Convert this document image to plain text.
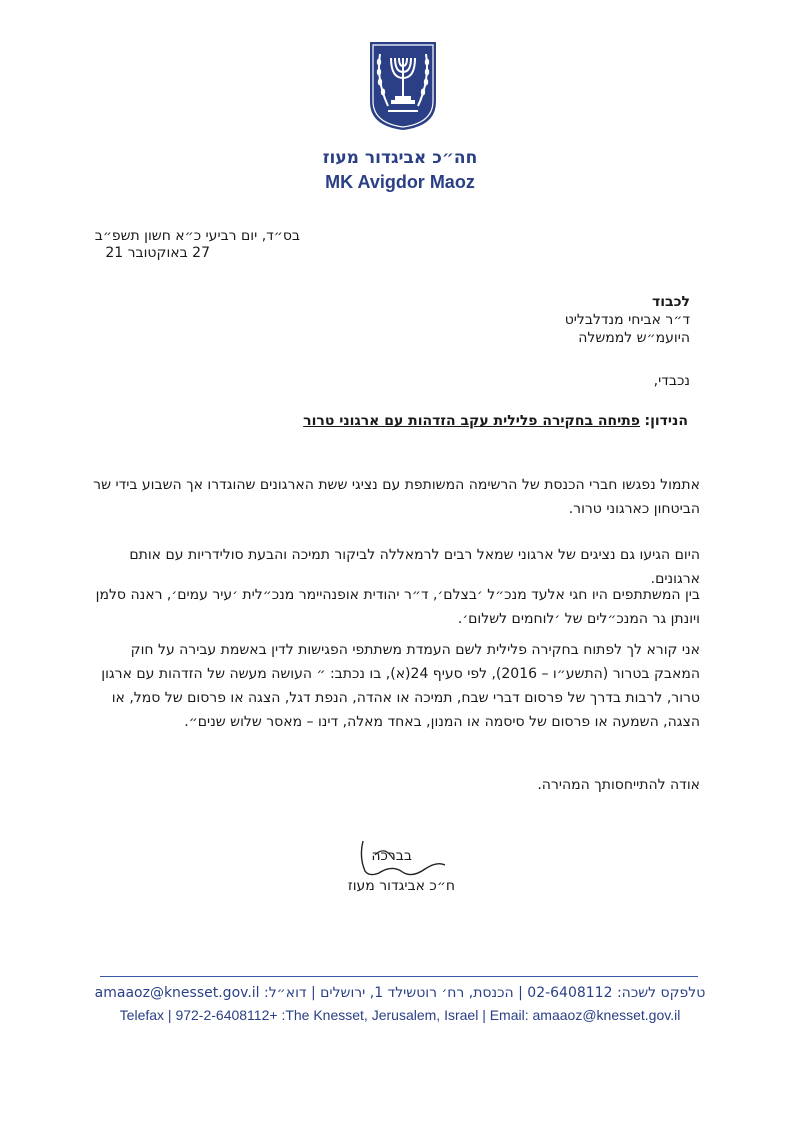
חה״כ אביגדור מעוז
MK Avigdor Maoz
בס״ד, יום רביעי כ״א חשון תשפ״ב
27 באוקטובר 21
לכבוד
ד״ר אביחי מנדלבליט
היועמ״ש לממשלה
נכבדי,
הנידון: פתיחה בחקירה פלילית עקב הזדהות עם ארגוני טרור
אתמול נפגשו חברי הכנסת של הרשימה המשותפת עם נציגי ששת הארגונים שהוגדרו אך השבוע בידי שר הביטחון כארגוני טרור.
היום הגיעו גם נציגים של ארגוני שמאל רבים לרמאללה לביקור תמיכה והבעת סולידריות עם אותם ארגונים.
בין המשתתפים היו חגי אלעד מנכ״ל ׳בצלם׳, ד״ר יהודית אופנהיימר מנכ״לית ׳עיר עמים׳, ראנה סלמן ויונתן גר המנכ״לים של ׳לוחמים לשלום׳.
אני קורא לך לפתוח בחקירה פלילית לשם העמדת משתתפי הפגישות לדין באשמת עבירה על חוק המאבק בטרור (התשע״ו – 2016), לפי סעיף 24(א), בו נכתב: ״ העושה מעשה של הזדהות עם ארגון טרור, לרבות בדרך של פרסום דברי שבח, תמיכה או אהדה, הנפת דגל, הצגה או פרסום של סמל, או הצגה, השמעה או פרסום של סיסמה או המנון, באחד מאלה, דינו – מאסר שלוש שנים״.
אודה להתייחסותך המהירה.
בברכה
ח״כ אביגדור מעוז
טלפקס לשכה: 02-6408112 | הכנסת, רח׳ רוטשילד 1, ירושלים | דוא״ל: amaaoz@knesset.gov.il
Telefax | 972-2-6408112+ :The Knesset, Jerusalem, Israel | Email: amaaoz@knesset.gov.il
